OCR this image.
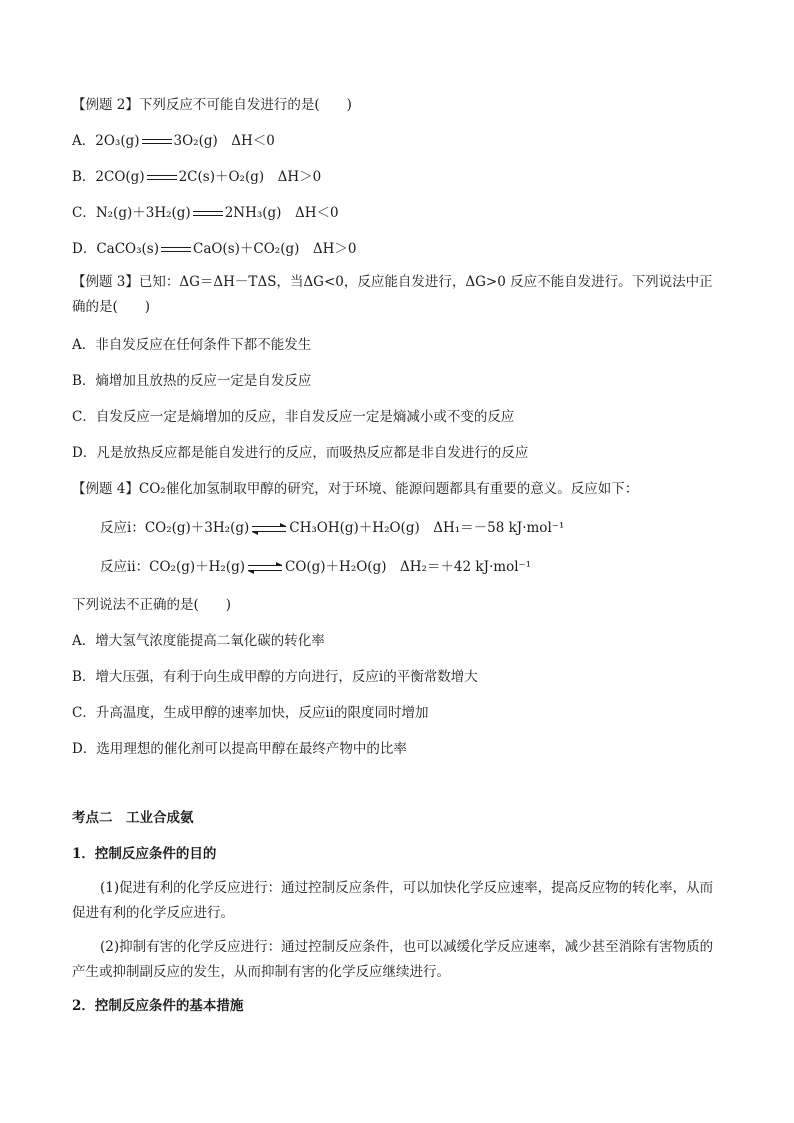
【例题 2】下列反应不可能自发进行的是(　　)
A．2O₃(g)	3O₂(g)　ΔH＜0
B．2CO(g)	2C(s)＋O₂(g)　ΔH＞0
C．N₂(g)＋3H₂(g)	2NH₃(g)　ΔH＜0
D．CaCO₃(s)	CaO(s)＋CO₂(g)　ΔH＞0
【例题 3】已知：ΔG＝ΔH－TΔS，当ΔG<0，反应能自发进行，ΔG>0 反应不能自发进行。下列说法中正确的是(　　)
A．非自发反应在任何条件下都不能发生
B．熵增加且放热的反应一定是自发反应
C．自发反应一定是熵增加的反应，非自发反应一定是熵减小或不变的反应
D．凡是放热反应都是能自发进行的反应，而吸热反应都是非自发进行的反应
【例题 4】CO₂催化加氢制取甲醇的研究，对于环境、能源问题都具有重要的意义。反应如下：
反应ⅰ：CO₂(g)＋3H₂(g) ⇌ CH₃OH(g)＋H₂O(g)　ΔH₁＝－58 kJ·mol⁻¹
反应ⅱ：CO₂(g)＋H₂(g) ⇌ CO(g)＋H₂O(g)　ΔH₂＝＋42 kJ·mol⁻¹
下列说法不正确的是(　　)
A．增大氢气浓度能提高二氧化碳的转化率
B．增大压强，有利于向生成甲醇的方向进行，反应ⅰ的平衡常数增大
C．升高温度，生成甲醇的速率加快，反应ⅱ的限度同时增加
D．选用理想的催化剂可以提高甲醇在最终产物中的比率
考点二　工业合成氨
1．控制反应条件的目的
(1)促进有利的化学反应进行：通过控制反应条件，可以加快化学反应速率，提高反应物的转化率，从而促进有利的化学反应进行。
(2)抑制有害的化学反应进行：通过控制反应条件，也可以减缓化学反应速率，减少甚至消除有害物质的产生或抑制副反应的发生，从而抑制有害的化学反应继续进行。
2．控制反应条件的基本措施
